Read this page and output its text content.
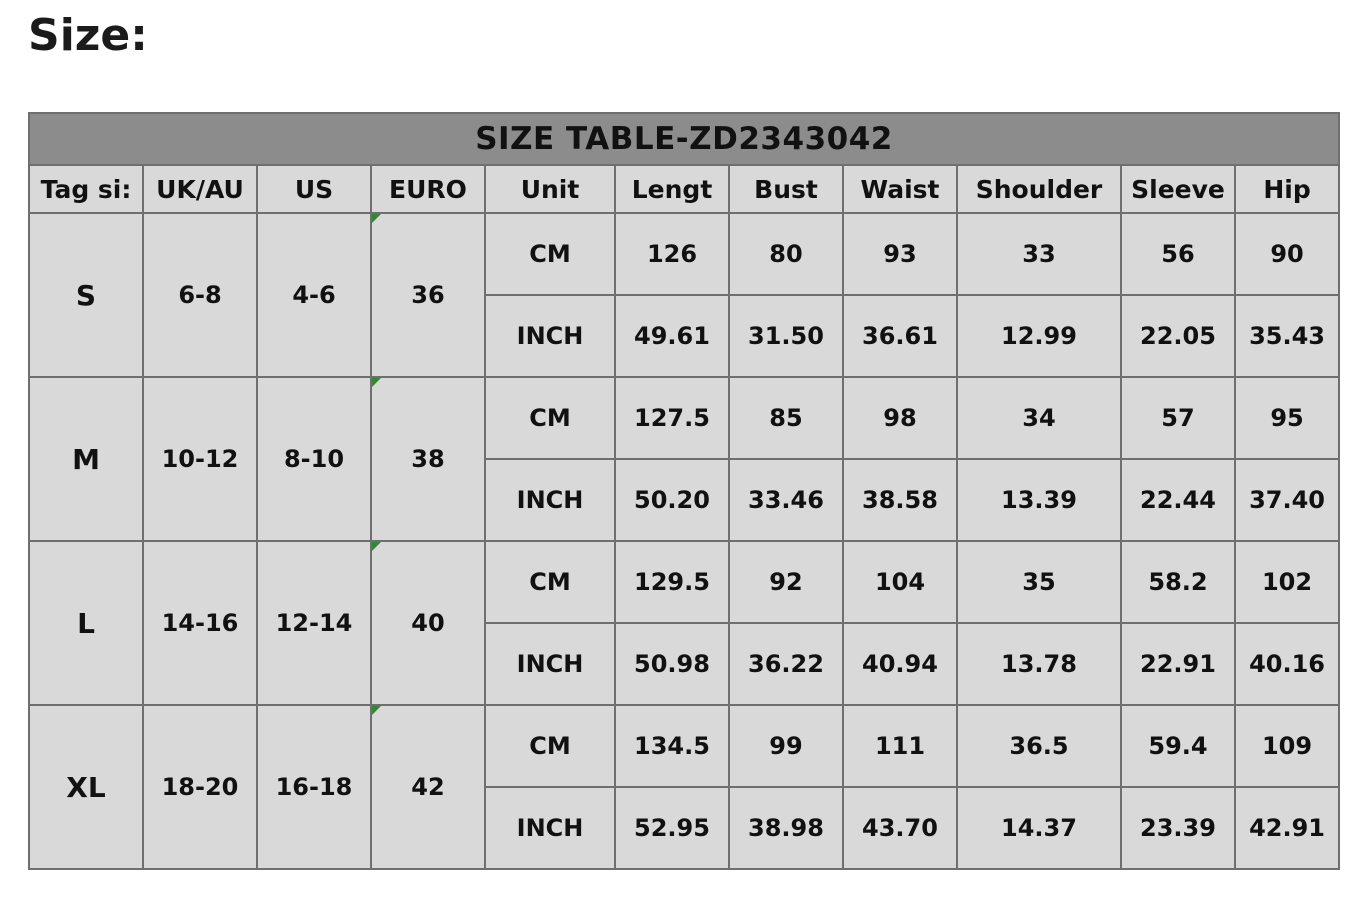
Size:
SIZE TABLE-ZD2343042										
Tag si:	UK/AU	US	EURO	Unit	Lengt	Bust	Waist	Shoulder	Sleeve	Hip
S	6-8	4-6	36	CM	126	80	93	33	56	90
				INCH	49.61	31.50	36.61	12.99	22.05	35.43
M	10-12	8-10	38	CM	127.5	85	98	34	57	95
				INCH	50.20	33.46	38.58	13.39	22.44	37.40
L	14-16	12-14	40	CM	129.5	92	104	35	58.2	102
				INCH	50.98	36.22	40.94	13.78	22.91	40.16
XL	18-20	16-18	42	CM	134.5	99	111	36.5	59.4	109
				INCH	52.95	38.98	43.70	14.37	23.39	42.91
